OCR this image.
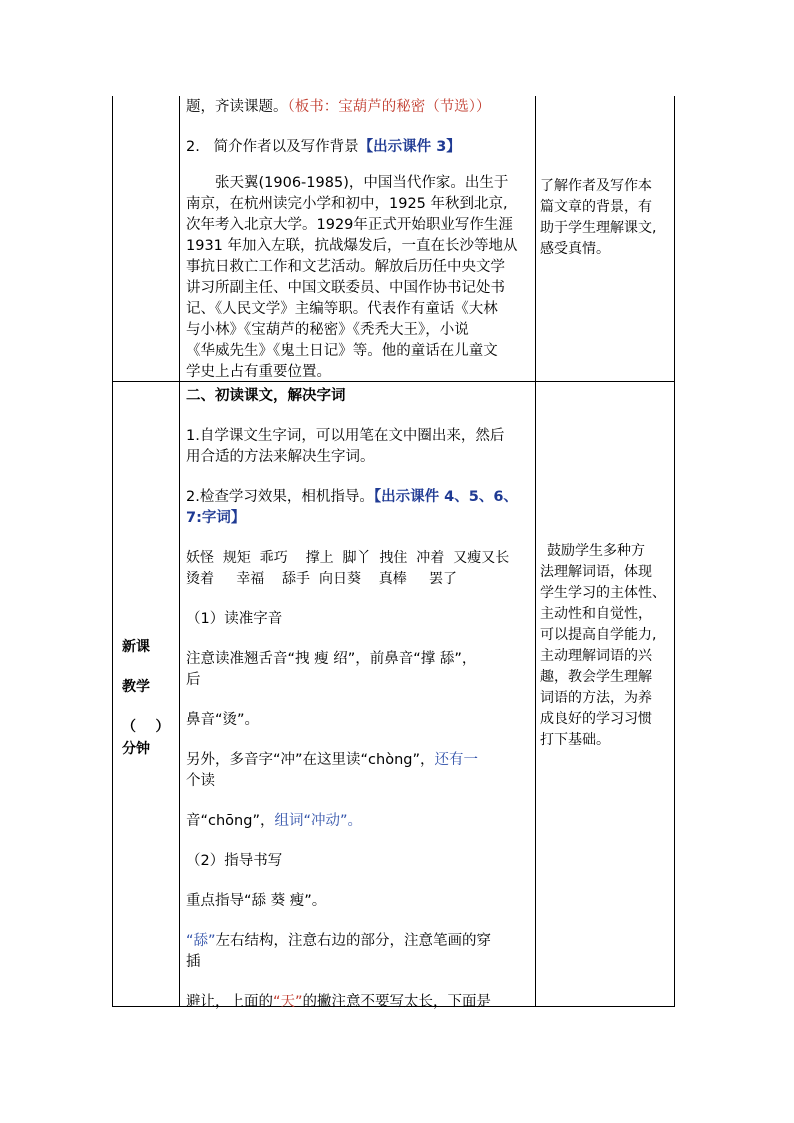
新课
教学
（    ）
分钟

题，齐读课题。（板书：宝葫芦的秘密（节选））

2.   简介作者以及写作背景【出示课件 3】

张天翼(1906-1985)，中国当代作家。出生于

南京，在杭州读完小学和初中，1925 年秋到北京,

次年考入北京大学。1929年正式开始职业写作生涯

1931 年加入左联，抗战爆发后，一直在长沙等地从

事抗日救亡工作和文艺活动。解放后历任中央文学

讲习所副主任、中国文联委员、中国作协书记处书

记、《人民文学》主编等职。代表作有童话《大林

与小林》《宝葫芦的秘密》《秃秃大王》，小说

《华威先生》《鬼土日记》等。他的童话在儿童文

学史上占有重要位置。

了解作者及写作本

篇文章的背景，有

助于学生理解课文,

感受真情。

二、初读课文，解决字词

1.自学课文生字词，可以用笔在文中圈出来，然后

用合适的方法来解决生字词。

2.检查学习效果，相机指导。【出示课件 4、5、6、

7:字词】

妖怪  规矩  乖巧    撑上  脚丫  拽住  冲着  又瘦又长

烫着     幸福    舔手  向日葵    真棒     罢了

（1）读准字音

注意读准翘舌音“拽 瘦 绍”，前鼻音“撑 舔”，

后

鼻音“烫”。

另外，多音字“冲”在这里读“chòng”，还有一

个读

音“chōng”，组词“冲动”。

（2）指导书写

重点指导“舔 葵 瘦”。

“舔”左右结构，注意右边的部分，注意笔画的穿

插

避让，上面的“天”的撇注意不要写太长，下面是

鼓励学生多种方

法理解词语，体现

学生学习的主体性、

主动性和自觉性，

可以提高自学能力,

主动理解词语的兴

趣，教会学生理解

词语的方法，为养

成良好的学习习惯

打下基础。
